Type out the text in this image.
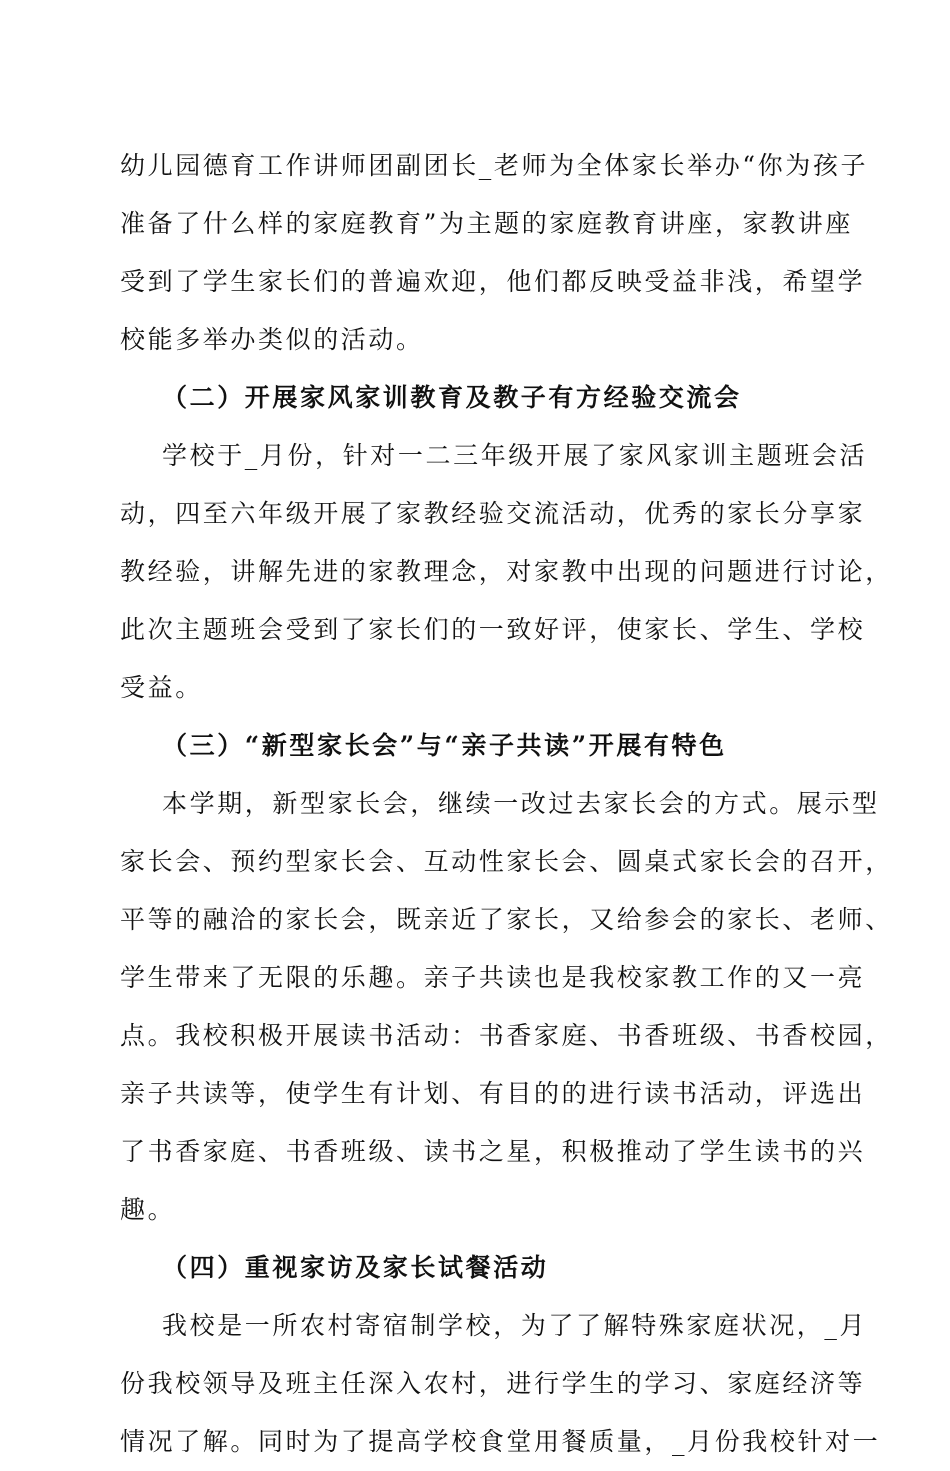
幼儿园德育工作讲师团副团长_老师为全体家长举办“你为孩子
准备了什么样的家庭教育”为主题的家庭教育讲座，家教讲座
受到了学生家长们的普遍欢迎，他们都反映受益非浅，希望学
校能多举办类似的活动。
（二）开展家风家训教育及教子有方经验交流会
学校于_月份，针对一二三年级开展了家风家训主题班会活
动，四至六年级开展了家教经验交流活动，优秀的家长分享家
教经验，讲解先进的家教理念，对家教中出现的问题进行讨论，
此次主题班会受到了家长们的一致好评，使家长、学生、学校
受益。
（三）“新型家长会”与“亲子共读”开展有特色
本学期，新型家长会，继续一改过去家长会的方式。展示型
家长会、预约型家长会、互动性家长会、圆桌式家长会的召开，
平等的融洽的家长会，既亲近了家长，又给参会的家长、老师、
学生带来了无限的乐趣。亲子共读也是我校家教工作的又一亮
点。我校积极开展读书活动：书香家庭、书香班级、书香校园，
亲子共读等，使学生有计划、有目的的进行读书活动，评选出
了书香家庭、书香班级、读书之星，积极推动了学生读书的兴
趣。
（四）重视家访及家长试餐活动
我校是一所农村寄宿制学校，为了了解特殊家庭状况，_月
份我校领导及班主任深入农村，进行学生的学习、家庭经济等
情况了解。同时为了提高学校食堂用餐质量，_月份我校针对一
